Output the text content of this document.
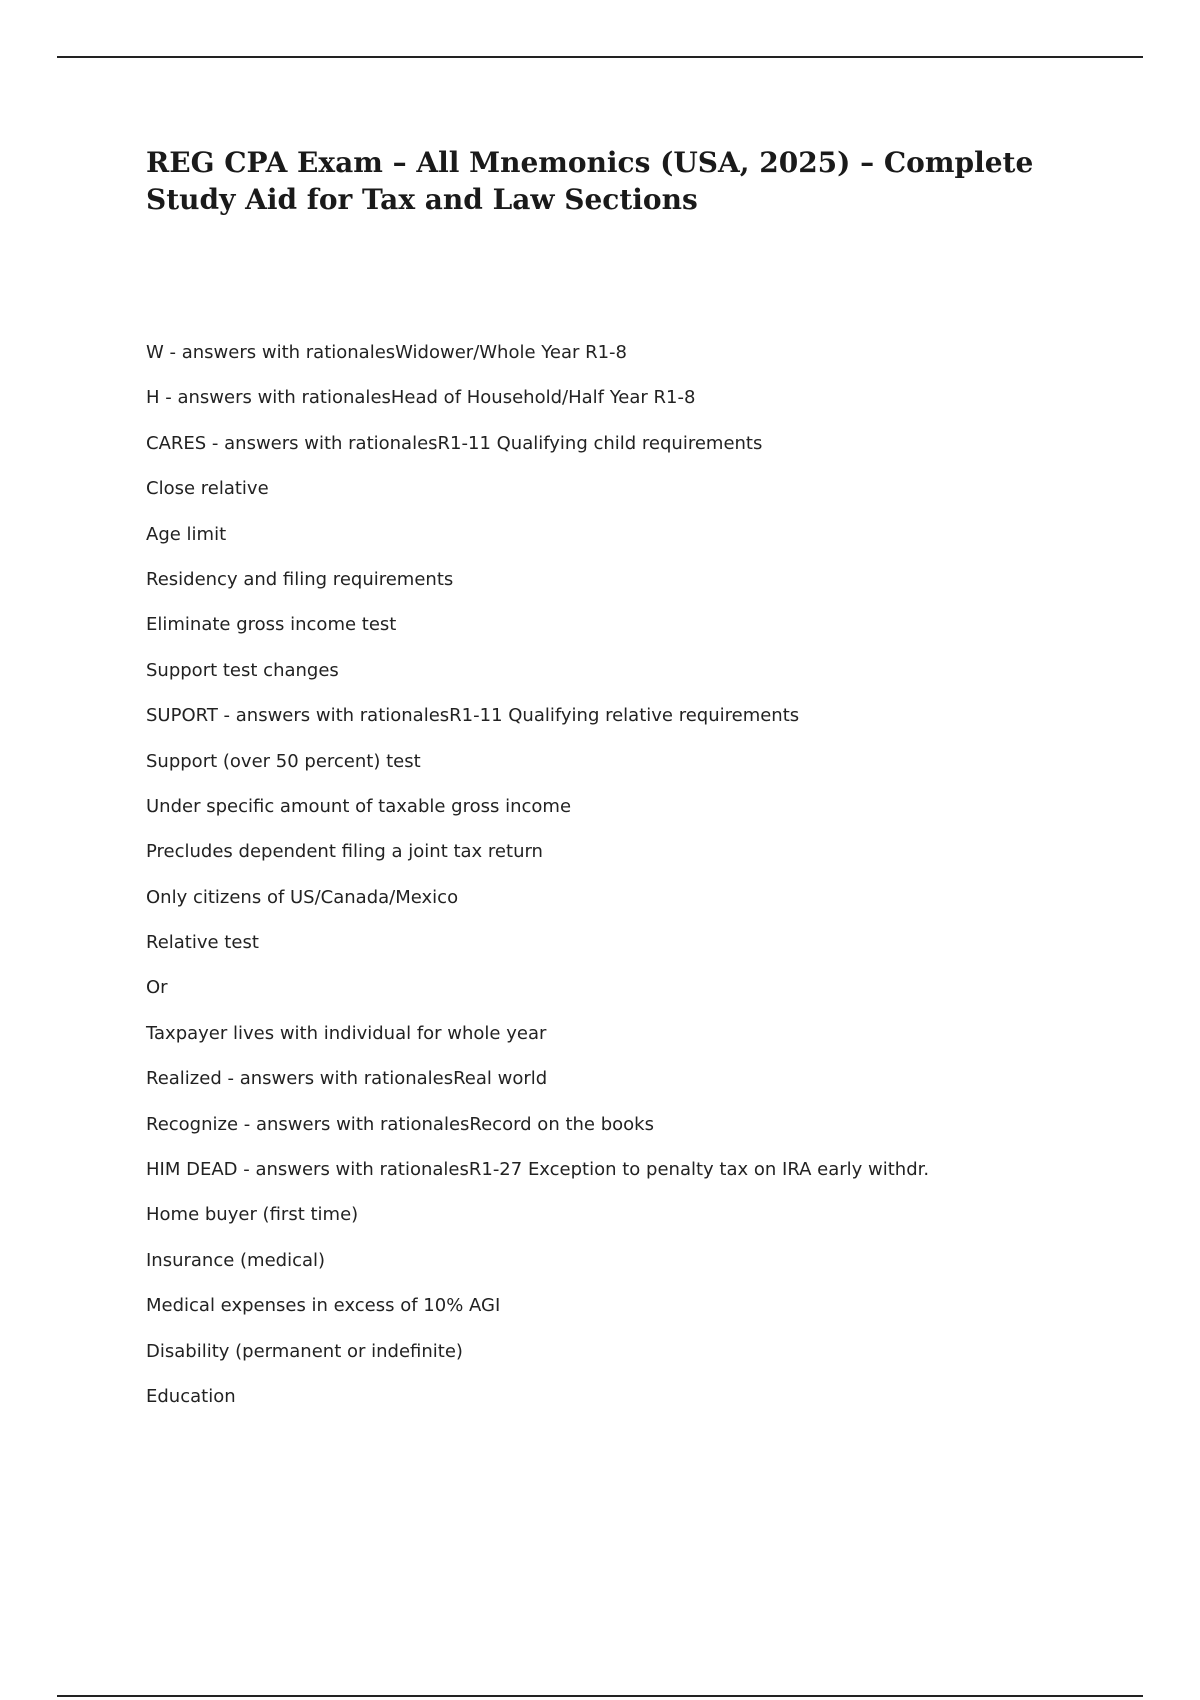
REG CPA Exam – All Mnemonics (USA, 2025) – Complete Study Aid for Tax and Law Sections
W - answers with rationalesWidower/Whole Year R1-8
H - answers with rationalesHead of Household/Half Year R1-8
CARES - answers with rationalesR1-11 Qualifying child requirements
Close relative
Age limit
Residency and filing requirements
Eliminate gross income test
Support test changes
SUPORT - answers with rationalesR1-11 Qualifying relative requirements
Support (over 50 percent) test
Under specific amount of taxable gross income
Precludes dependent filing a joint tax return
Only citizens of US/Canada/Mexico
Relative test
Or
Taxpayer lives with individual for whole year
Realized - answers with rationalesReal world
Recognize - answers with rationalesRecord on the books
HIM DEAD - answers with rationalesR1-27 Exception to penalty tax on IRA early withdr.
Home buyer (first time)
Insurance (medical)
Medical expenses in excess of 10% AGI
Disability (permanent or indefinite)
Education
